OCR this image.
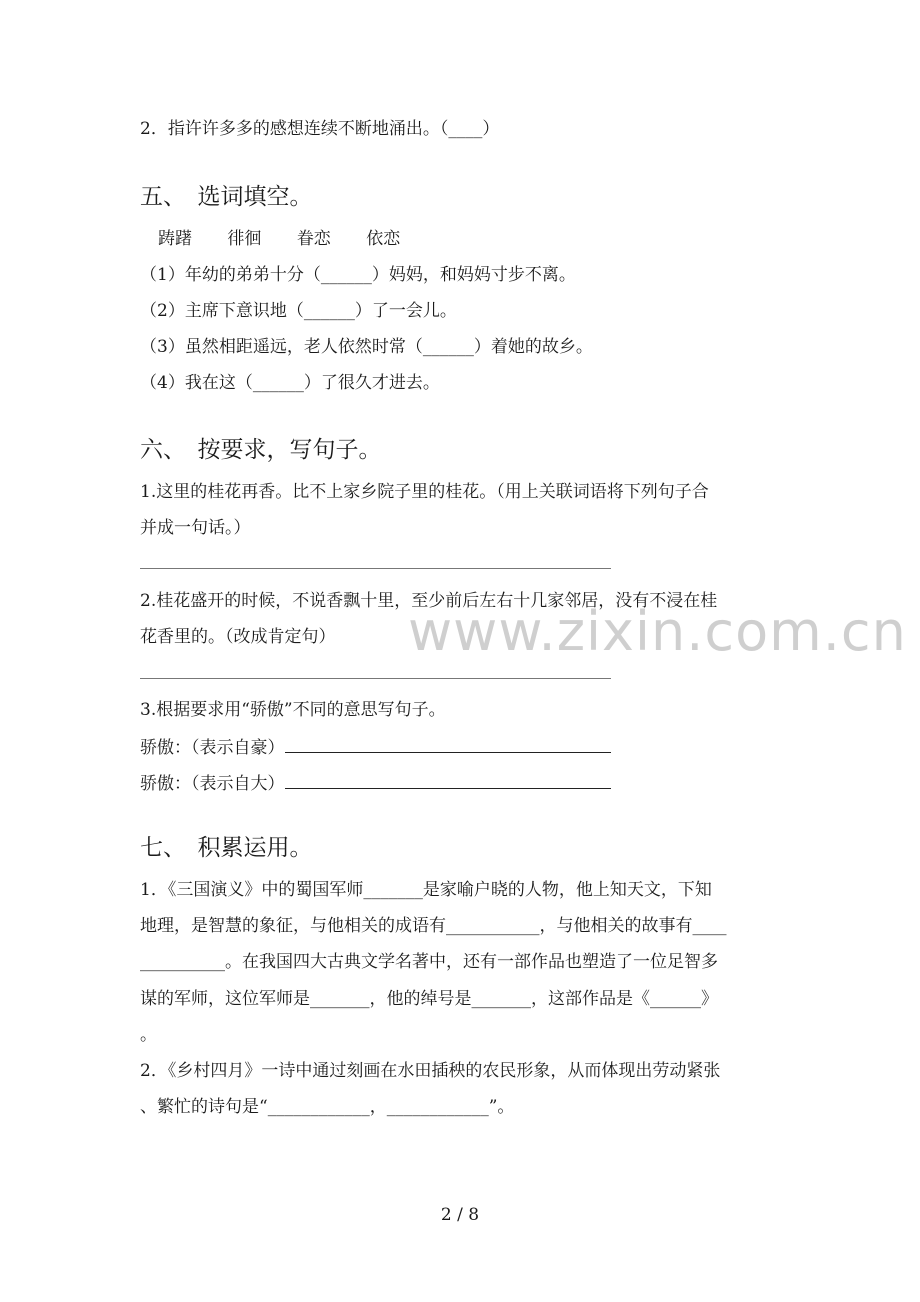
2．指许许多多的感想连续不断地涌出。（____）
五、　选词填空。
踌躇 徘徊 眷恋 依恋
（1）年幼的弟弟十分（______）妈妈，和妈妈寸步不离。
（2）主席下意识地（______）了一会儿。
（3）虽然相距遥远，老人依然时常（______）着她的故乡。
（4）我在这（______）了很久才进去。
六、　按要求，写句子。
1.这里的桂花再香。比不上家乡院子里的桂花。（用上关联词语将下列句子合
并成一句话。）
2.桂花盛开的时候，不说香飘十里，至少前后左右十几家邻居，没有不浸在桂
花香里的。（改成肯定句）
3.根据要求用“骄傲”不同的意思写句子。
骄傲：（表示自豪）
骄傲：（表示自大）
七、　积累运用。
1．《三国演义》中的蜀国军师_______是家喻户晓的人物，他上知天文，下知
地理，是智慧的象征，与他相关的成语有___________，与他相关的故事有____
__________。在我国四大古典文学名著中，还有一部作品也塑造了一位足智多
谋的军师，这位军师是_______，他的绰号是_______，这部作品是《______》
。
2．《乡村四月》一诗中通过刻画在水田插秧的农民形象，从而体现出劳动紧张
、繁忙的诗句是“____________，____________”。
www.zixin.com.cn
2 / 8
